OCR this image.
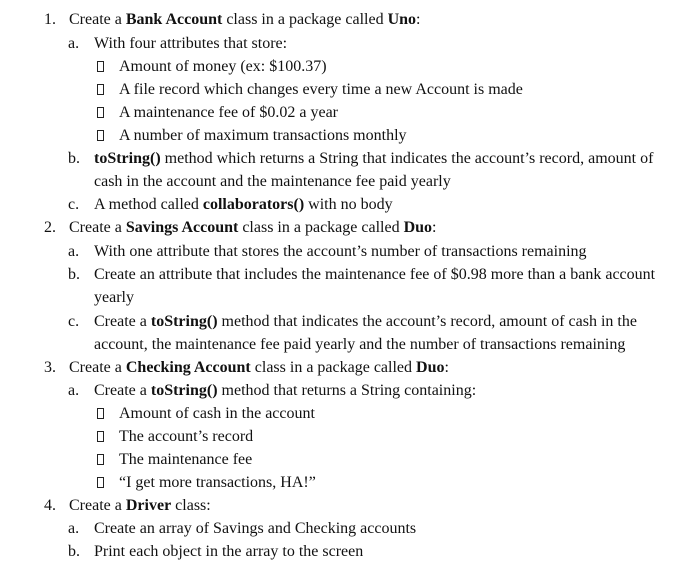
1. Create a Bank Account class in a package called Uno:
a. With four attributes that store:
Amount of money (ex: $100.37)
A file record which changes every time a new Account is made
A maintenance fee of $0.02 a year
A number of maximum transactions monthly
b. toString() method which returns a String that indicates the account’s record, amount of
cash in the account and the maintenance fee paid yearly
c. A method called collaborators() with no body
2. Create a Savings Account class in a package called Duo:
a. With one attribute that stores the account’s number of transactions remaining
b. Create an attribute that includes the maintenance fee of $0.98 more than a bank account
yearly
c. Create a toString() method that indicates the account’s record, amount of cash in the
account, the maintenance fee paid yearly and the number of transactions remaining
3. Create a Checking Account class in a package called Duo:
a. Create a toString() method that returns a String containing:
Amount of cash in the account
The account’s record
The maintenance fee
“I get more transactions, HA!”
4. Create a Driver class:
a. Create an array of Savings and Checking accounts
b. Print each object in the array to the screen
